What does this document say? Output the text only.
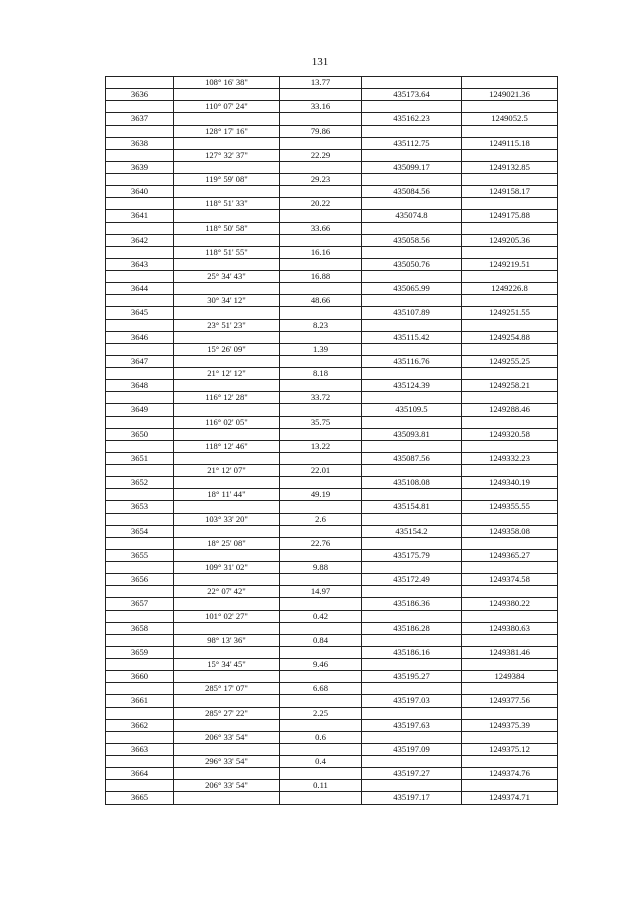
131
	108° 16' 38"	13.77		
3636			435173.64	1249021.36
	110° 07' 24"	33.16		
3637			435162.23	1249052.5
	128° 17' 16"	79.86		
3638			435112.75	1249115.18
	127° 32' 37"	22.29		
3639			435099.17	1249132.85
	119° 59' 08"	29.23		
3640			435084.56	1249158.17
	118° 51' 33"	20.22		
3641			435074.8	1249175.88
	118° 50' 58"	33.66		
3642			435058.56	1249205.36
	118° 51' 55"	16.16		
3643			435050.76	1249219.51
	25° 34' 43"	16.88		
3644			435065.99	1249226.8
	30° 34' 12"	48.66		
3645			435107.89	1249251.55
	23° 51' 23"	8.23		
3646			435115.42	1249254.88
	15° 26' 09"	1.39		
3647			435116.76	1249255.25
	21° 12' 12"	8.18		
3648			435124.39	1249258.21
	116° 12' 28"	33.72		
3649			435109.5	1249288.46
	116° 02' 05"	35.75		
3650			435093.81	1249320.58
	118° 12' 46"	13.22		
3651			435087.56	1249332.23
	21° 12' 07"	22.01		
3652			435108.08	1249340.19
	18° 11' 44"	49.19		
3653			435154.81	1249355.55
	103° 33' 20"	2.6		
3654			435154.2	1249358.08
	18° 25' 08"	22.76		
3655			435175.79	1249365.27
	109° 31' 02"	9.88		
3656			435172.49	1249374.58
	22° 07' 42"	14.97		
3657			435186.36	1249380.22
	101° 02' 27"	0.42		
3658			435186.28	1249380.63
	98° 13' 36"	0.84		
3659			435186.16	1249381.46
	15° 34' 45"	9.46		
3660			435195.27	1249384
	285° 17' 07"	6.68		
3661			435197.03	1249377.56
	285° 27' 22"	2.25		
3662			435197.63	1249375.39
	206° 33' 54"	0.6		
3663			435197.09	1249375.12
	296° 33' 54"	0.4		
3664			435197.27	1249374.76
	206° 33' 54"	0.11		
3665			435197.17	1249374.71
